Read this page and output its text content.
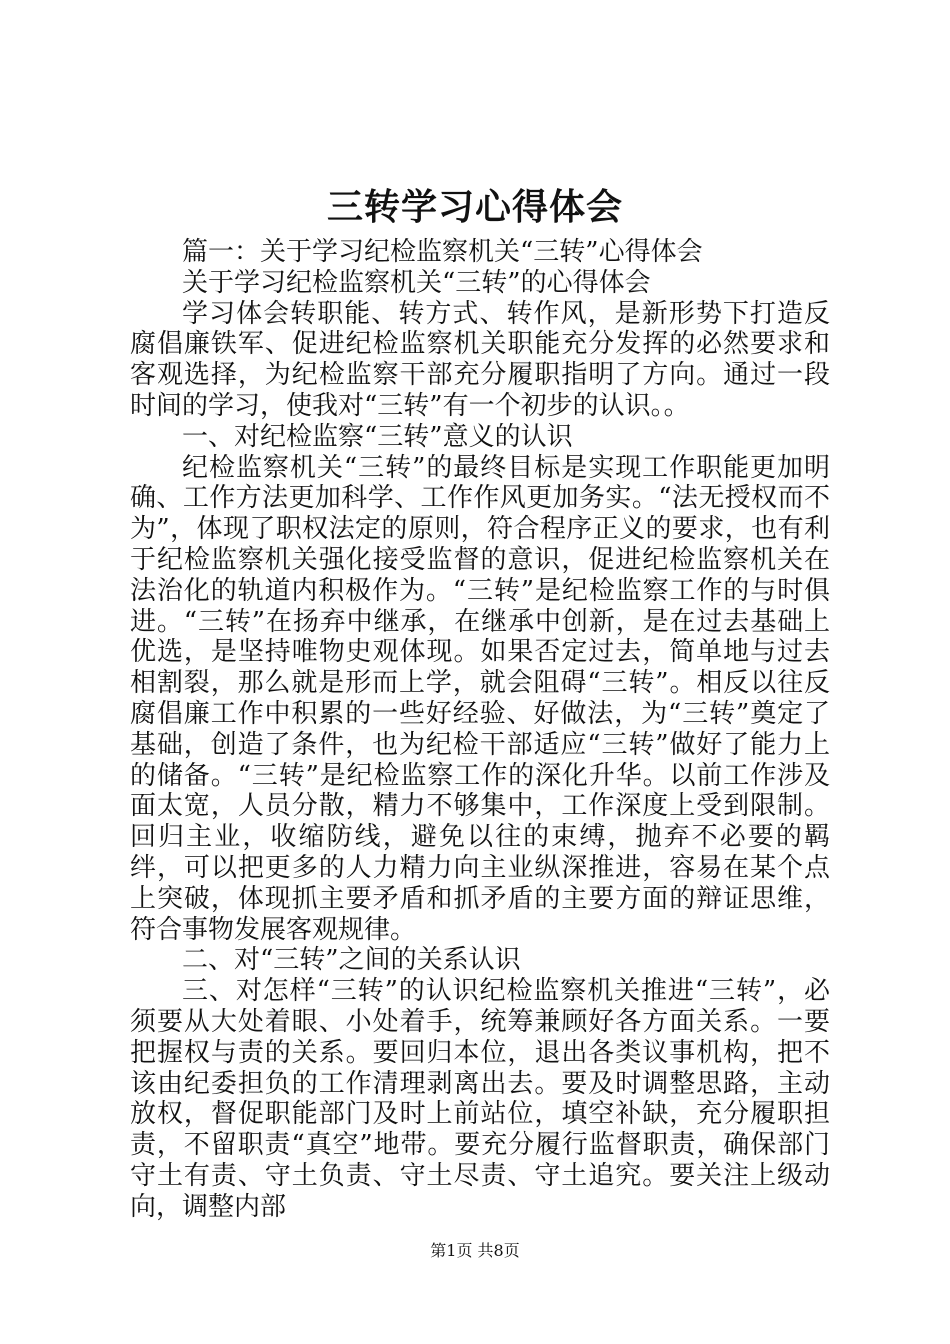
三转学习心得体会

篇一：关于学习纪检监察机关“三转”心得体会

关于学习纪检监察机关“三转”的心得体会

学习体会转职能、转方式、转作风，是新形势下打造反腐倡廉铁军、促进纪检监察机关职能充分发挥的必然要求和客观选择，为纪检监察干部充分履职指明了方向。通过一段时间的学习，使我对“三转”有一个初步的认识。。

一、对纪检监察“三转”意义的认识

纪检监察机关“三转”的最终目标是实现工作职能更加明确、工作方法更加科学、工作作风更加务实。“法无授权而不为”，体现了职权法定的原则，符合程序正义的要求，也有利于纪检监察机关强化接受监督的意识，促进纪检监察机关在法治化的轨道内积极作为。“三转”是纪检监察工作的与时俱进。“三转”在扬弃中继承，在继承中创新，是在过去基础上优选，是坚持唯物史观体现。如果否定过去，简单地与过去相割裂，那么就是形而上学，就会阻碍“三转”。相反以往反腐倡廉工作中积累的一些好经验、好做法，为“三转”奠定了基础，创造了条件，也为纪检干部适应“三转”做好了能力上的储备。“三转”是纪检监察工作的深化升华。以前工作涉及面太宽，人员分散，精力不够集中，工作深度上受到限制。回归主业，收缩防线，避免以往的束缚，抛弃不必要的羁绊，可以把更多的人力精力向主业纵深推进，容易在某个点上突破，体现抓主要矛盾和抓矛盾的主要方面的辩证思维，符合事物发展客观规律。

二、对“三转”之间的关系认识

三、对怎样“三转”的认识纪检监察机关推进“三转”，必须要从大处着眼、小处着手，统筹兼顾好各方面关系。一要把握权与责的关系。要回归本位，退出各类议事机构，把不该由纪委担负的工作清理剥离出去。要及时调整思路，主动放权，督促职能部门及时上前站位，填空补缺，充分履职担责，不留职责“真空”地带。要充分履行监督职责，确保部门守土有责、守土负责、守土尽责、守土追究。要关注上级动向，调整内部

第1页 共8页
